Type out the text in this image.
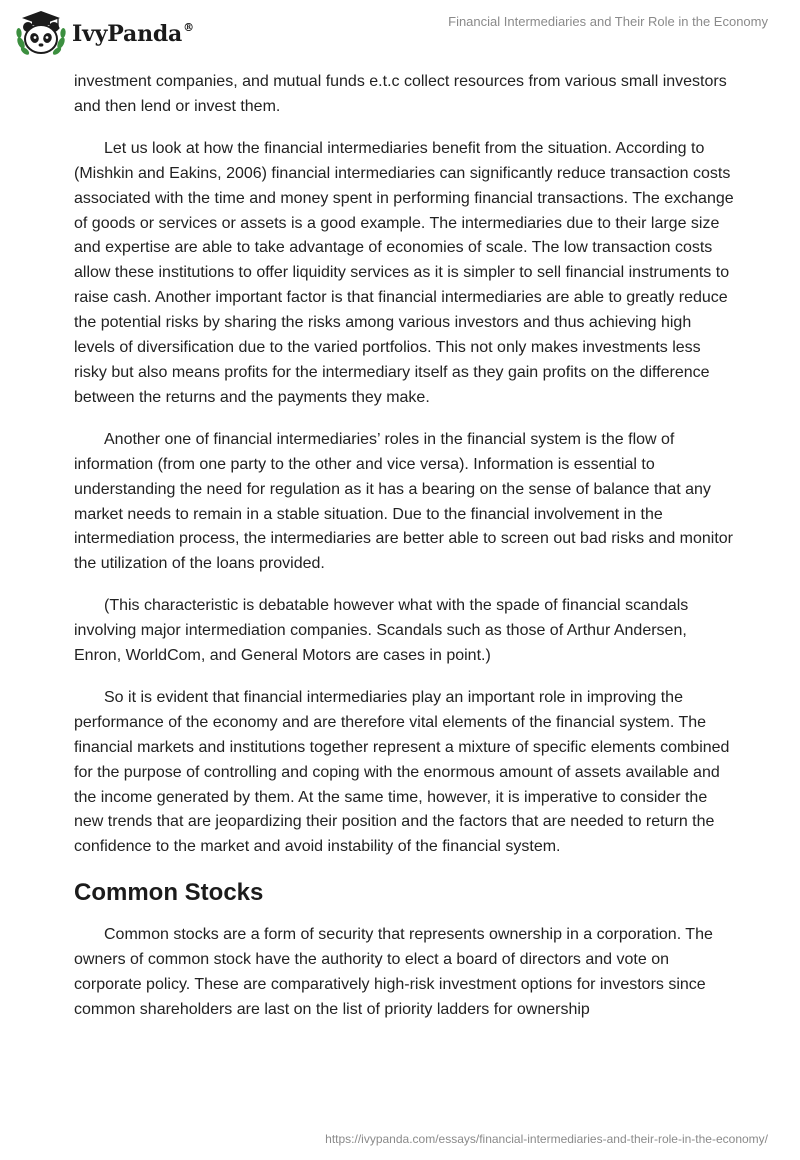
IvyPanda®	Financial Intermediaries and Their Role in the Economy

investment companies, and mutual funds e.t.c collect resources from various small investors and then lend or invest them.

Let us look at how the financial intermediaries benefit from the situation. According to (Mishkin and Eakins, 2006) financial intermediaries can significantly reduce transaction costs associated with the time and money spent in performing financial transactions. The exchange of goods or services or assets is a good example. The intermediaries due to their large size and expertise are able to take advantage of economies of scale. The low transaction costs allow these institutions to offer liquidity services as it is simpler to sell financial instruments to raise cash. Another important factor is that financial intermediaries are able to greatly reduce the potential risks by sharing the risks among various investors and thus achieving high levels of diversification due to the varied portfolios. This not only makes investments less risky but also means profits for the intermediary itself as they gain profits on the difference between the returns and the payments they make.

Another one of financial intermediaries’ roles in the financial system is the flow of information (from one party to the other and vice versa). Information is essential to understanding the need for regulation as it has a bearing on the sense of balance that any market needs to remain in a stable situation. Due to the financial involvement in the intermediation process, the intermediaries are better able to screen out bad risks and monitor the utilization of the loans provided.

(This characteristic is debatable however what with the spade of financial scandals involving major intermediation companies. Scandals such as those of Arthur Andersen, Enron, WorldCom, and General Motors are cases in point.)

So it is evident that financial intermediaries play an important role in improving the performance of the economy and are therefore vital elements of the financial system. The financial markets and institutions together represent a mixture of specific elements combined for the purpose of controlling and coping with the enormous amount of assets available and the income generated by them. At the same time, however, it is imperative to consider the new trends that are jeopardizing their position and the factors that are needed to return the confidence to the market and avoid instability of the financial system.

Common Stocks

Common stocks are a form of security that represents ownership in a corporation. The owners of common stock have the authority to elect a board of directors and vote on corporate policy. These are comparatively high-risk investment options for investors since common shareholders are last on the list of priority ladders for ownership

https://ivypanda.com/essays/financial-intermediaries-and-their-role-in-the-economy/
